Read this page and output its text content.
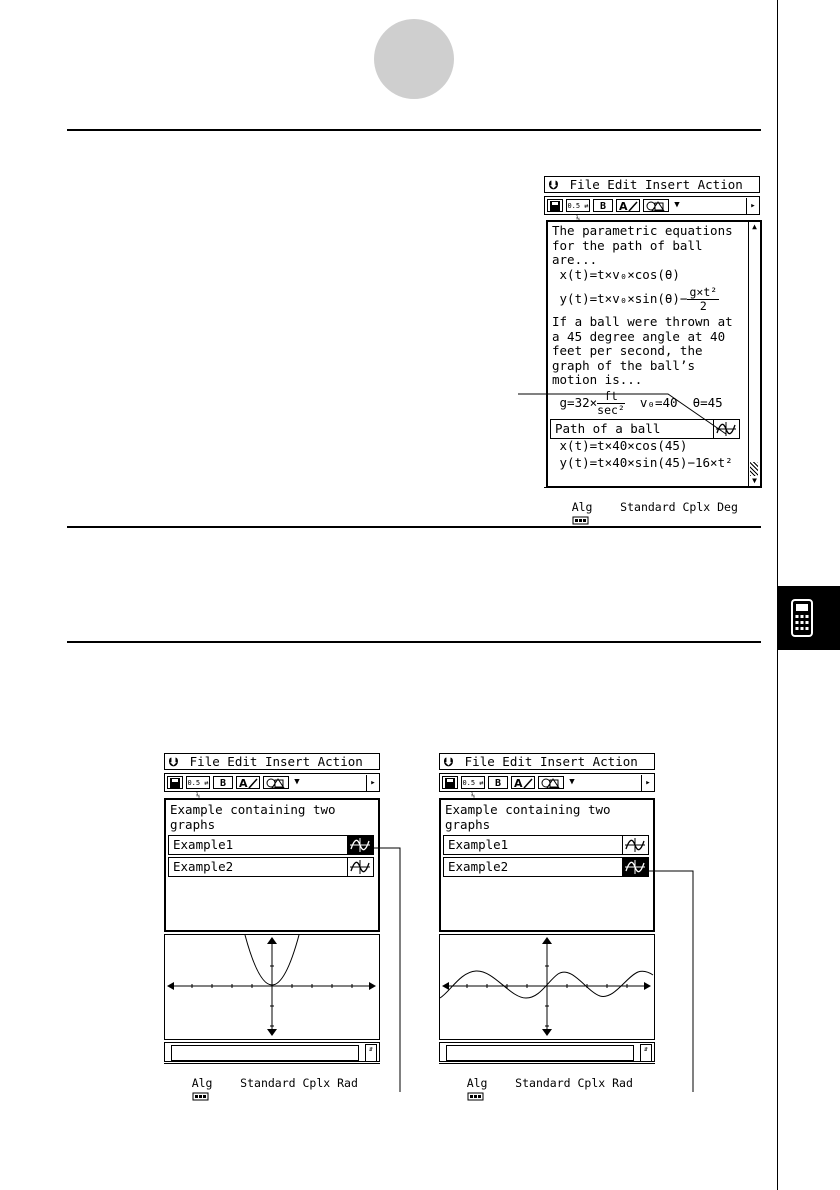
⮋ File Edit Insert Action
0.5 ⇄ ½
B	A	▼	▸
The parametric equations
for the path of ball
are...
x(t)=t×v₀×cos(θ)
$y(t)=t\times v_0\times\sin(\theta)- \frac{\text{g×t²}}{2}$
If a ball were thrown at
a 45 degree angle at 40
feet per second, the
graph of the ball’s
motion is...
$g=32\times \frac{ft}{\text{sec²}} v_0=40$  θ=45
Path of a ball
x(t)=t×40×cos(45)
y(t)=t×40×sin(45)−16×t²
▲
▼

Alg    Standard Cplx Deg

⮋ File Edit Insert Action
0.5 ⇄ ½
B	A	▼	▸
Example containing two
graphs
Example1
Example2
⇵

Alg    Standard Cplx Rad

⮋ File Edit Insert Action
0.5 ⇄ ½
B	A	▼	▸
Example containing two
graphs
Example1
Example2
⇵

Alg    Standard Cplx Rad
